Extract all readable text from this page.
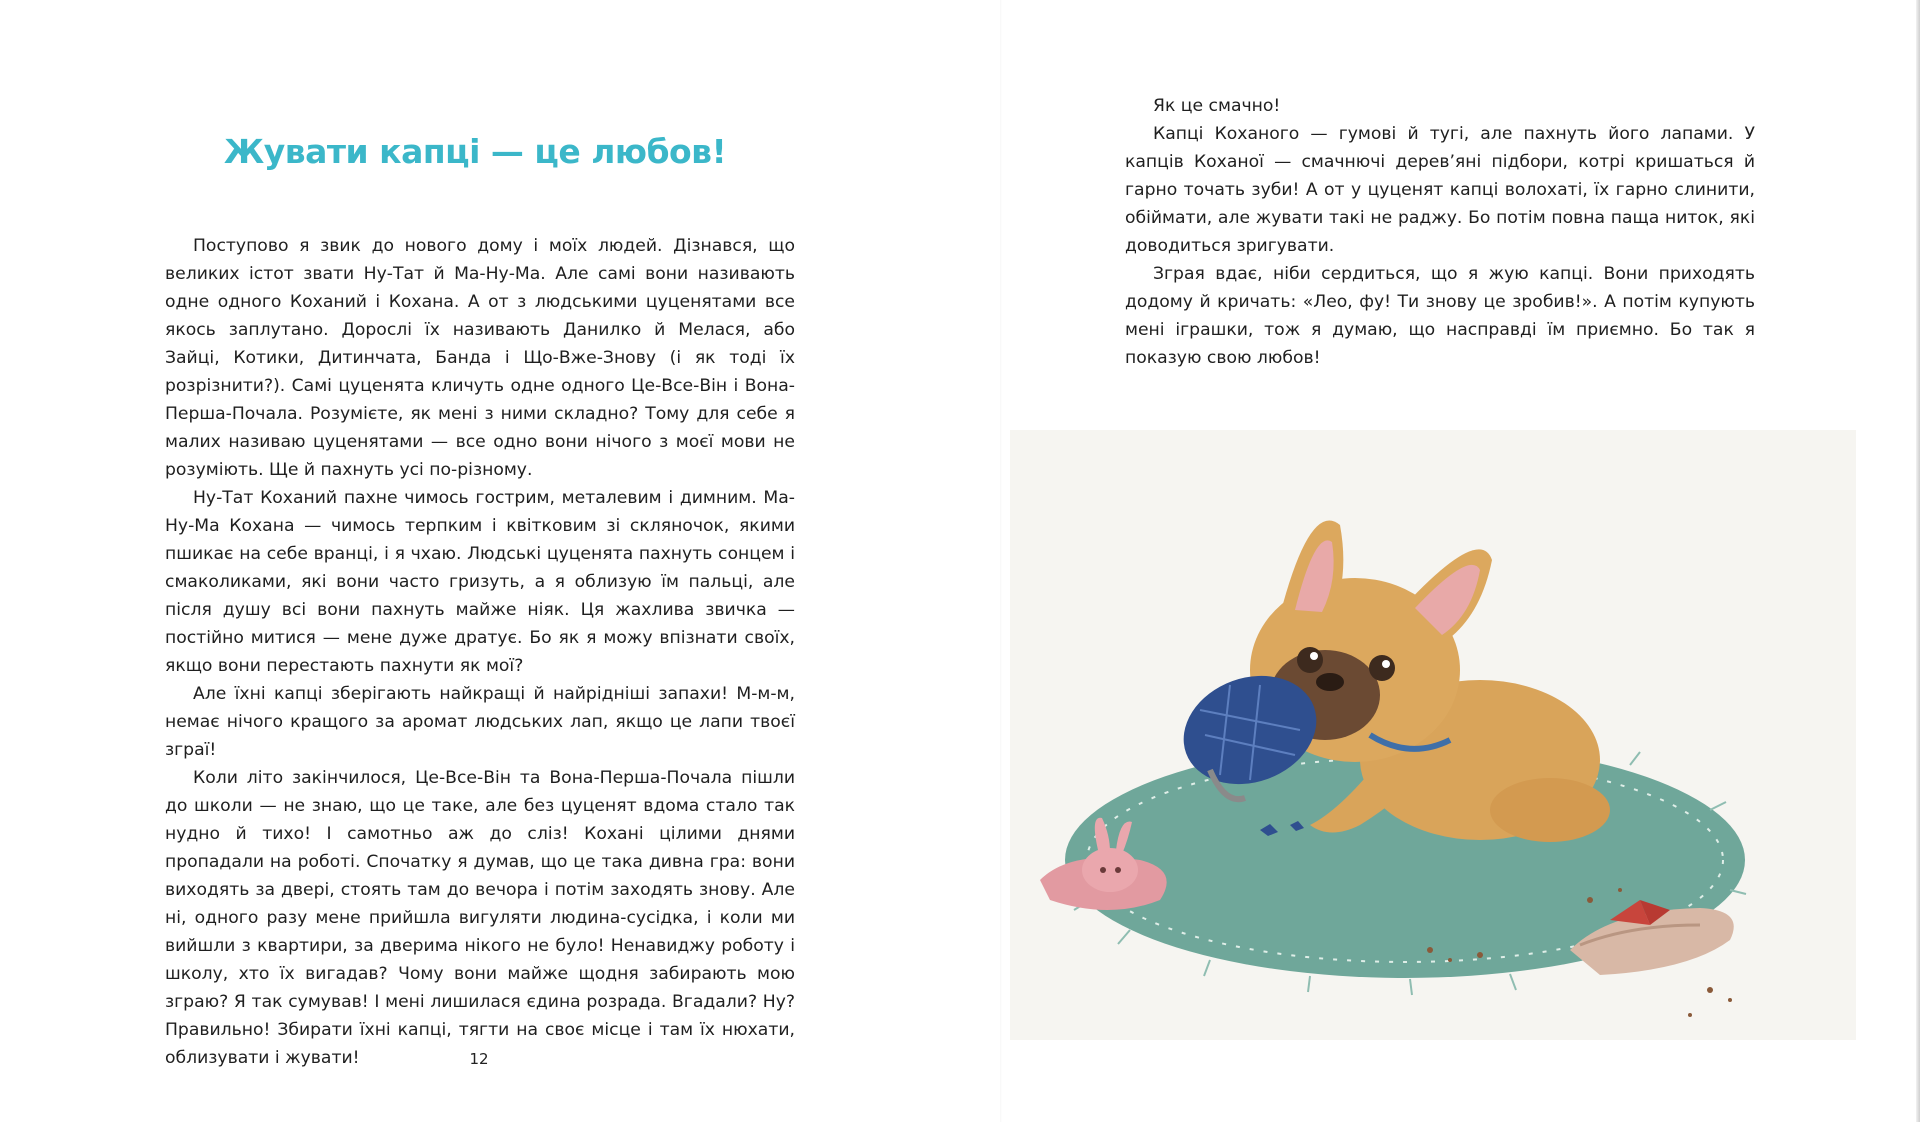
Жувати капці — це любов!

Поступово я звик до нового дому і моїх людей. Дізнався, що великих істот звати Ну-Тат й Ма-Ну-Ма. Але самі вони називають одне одного Коханий і Кохана. А от з людськими цуценятами все якось заплутано. Дорослі їх називають Данилко й Мелася, або Зайці, Котики, Дитинчата, Банда і Що-Вже-Знову (і як тоді їх розрізнити?). Самі цуценята кличуть одне одного Це-Все-Він і Вона-Перша-Почала. Розумієте, як мені з ними складно? Тому для себе я малих називаю цуценятами — все одно вони нічого з моєї мови не розуміють. Ще й пахнуть усі по-різному.

Ну-Тат Коханий пахне чимось гострим, металевим і димним. Ма-Ну-Ма Кохана — чимось терпким і квітковим зі скляночок, якими пшикає на себе вранці, і я чхаю. Людські цуценята пахнуть сонцем і смаколиками, які вони часто гризуть, а я облизую їм пальці, але після душу всі вони пахнуть майже ніяк. Ця жахлива звичка — постійно митися — мене дуже дратує. Бо як я можу впізнати своїх, якщо вони перестають пахнути як мої?

Але їхні капці зберігають найкращі й найрідніші запахи! М-м-м, немає нічого кращого за аромат людських лап, якщо це лапи твоєї зграї!

Коли літо закінчилося, Це-Все-Він та Вона-Перша-Почала пішли до школи — не знаю, що це таке, але без цуценят вдома стало так нудно й тихо! І самотньо аж до сліз! Кохані цілими днями пропадали на роботі. Спочатку я думав, що це така дивна гра: вони виходять за двері, стоять там до вечора і потім заходять знову. Але ні, одного разу мене прийшла вигуляти людина-сусідка, і коли ми вийшли з квартири, за дверима нікого не було! Ненавиджу роботу і школу, хто їх вигадав? Чому вони майже щодня забирають мою зграю? Я так сумував! І мені лишилася єдина розрада. Вгадали? Ну? Правильно! Збирати їхні капці, тягти на своє місце і там їх нюхати, облизувати і жувати!	12

Як це смачно!

Капці Коханого — гумові й тугі, але пахнуть його лапами. У капців Коханої — смачнючі дерев’яні підбори, котрі кришаться й гарно точать зуби! А от у цуценят капці волохаті, їх гарно слинити, обіймати, але жувати такі не раджу. Бо потім повна паща ниток, які доводиться зригувати.

Зграя вдає, ніби сердиться, що я жую капці. Вони приходять додому й кричать: «Лео, фу! Ти знову це зробив!». А потім купують мені іграшки, тож я думаю, що насправді їм приємно. Бо так я показую свою любов!
